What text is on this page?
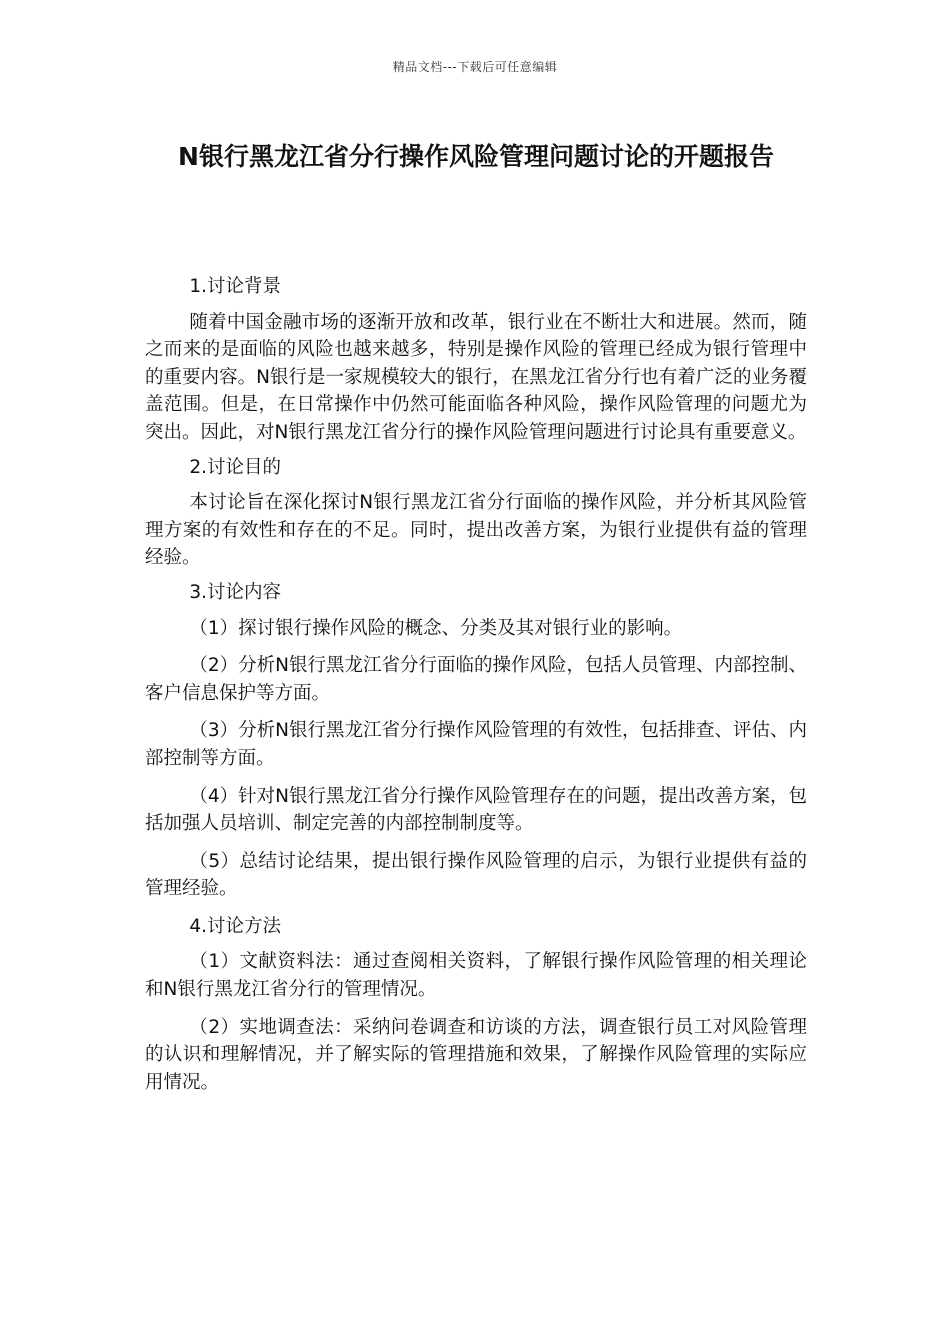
精品文档---下载后可任意编辑
N银行黑龙江省分行操作风险管理问题讨论的开题报告
1.讨论背景
随着中国金融市场的逐渐开放和改革，银行业在不断壮大和进展。然而，随之而来的是面临的风险也越来越多，特别是操作风险的管理已经成为银行管理中的重要内容。N银行是一家规模较大的银行，在黑龙江省分行也有着广泛的业务覆盖范围。但是，在日常操作中仍然可能面临各种风险，操作风险管理的问题尤为突出。因此，对N银行黑龙江省分行的操作风险管理问题进行讨论具有重要意义。
2.讨论目的
本讨论旨在深化探讨N银行黑龙江省分行面临的操作风险，并分析其风险管理方案的有效性和存在的不足。同时，提出改善方案，为银行业提供有益的管理经验。
3.讨论内容
（1）探讨银行操作风险的概念、分类及其对银行业的影响。
（2）分析N银行黑龙江省分行面临的操作风险，包括人员管理、内部控制、客户信息保护等方面。
（3）分析N银行黑龙江省分行操作风险管理的有效性，包括排查、评估、内部控制等方面。
（4）针对N银行黑龙江省分行操作风险管理存在的问题，提出改善方案，包括加强人员培训、制定完善的内部控制制度等。
（5）总结讨论结果，提出银行操作风险管理的启示，为银行业提供有益的管理经验。
4.讨论方法
（1）文献资料法：通过查阅相关资料，了解银行操作风险管理的相关理论和N银行黑龙江省分行的管理情况。
（2）实地调查法：采纳问卷调查和访谈的方法，调查银行员工对风险管理的认识和理解情况，并了解实际的管理措施和效果，了解操作风险管理的实际应用情况。
